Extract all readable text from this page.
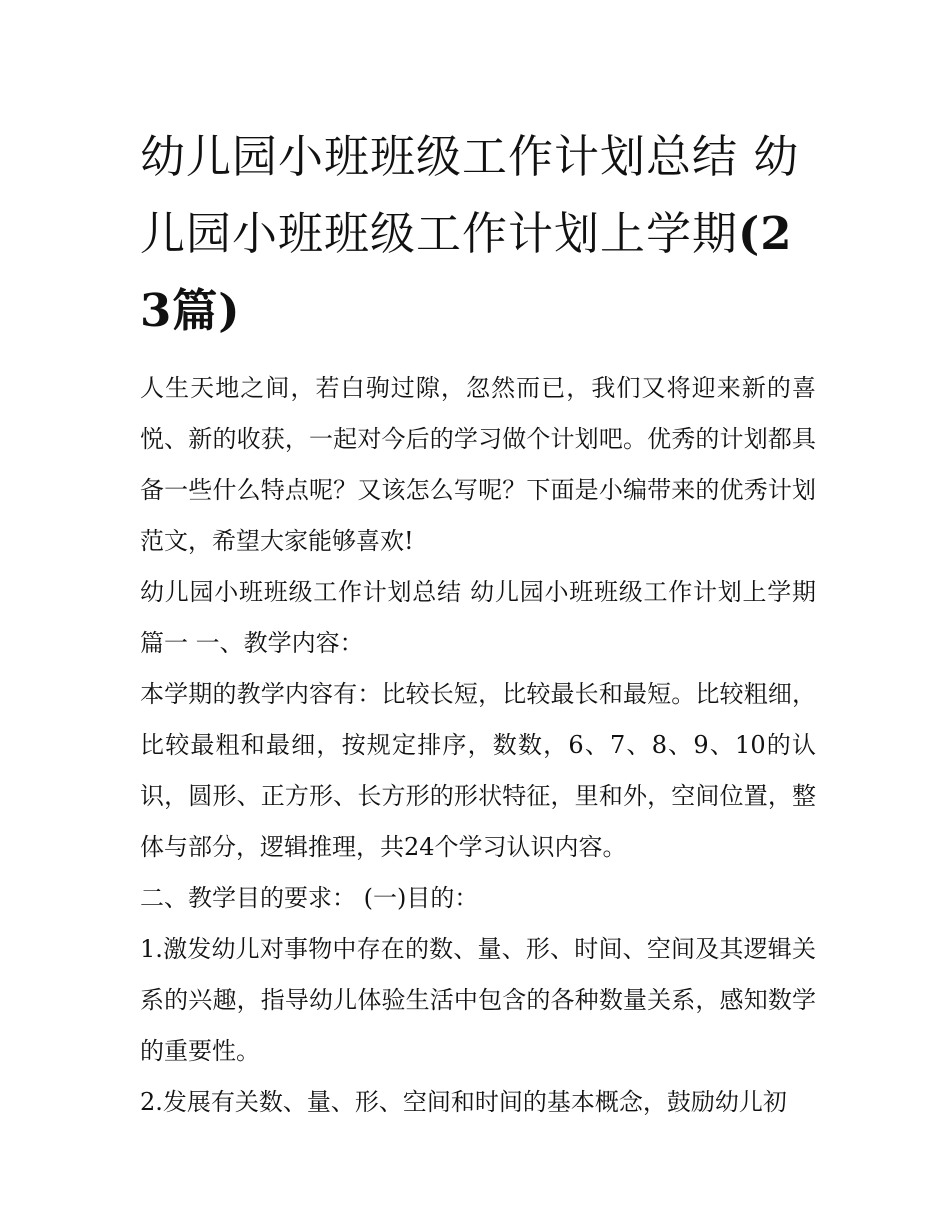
幼儿园小班班级工作计划总结 幼儿园小班班级工作计划上学期(23篇)

人生天地之间，若白驹过隙，忽然而已，我们又将迎来新的喜悦、新的收获，一起对今后的学习做个计划吧。优秀的计划都具备一些什么特点呢？又该怎么写呢？下面是小编带来的优秀计划范文，希望大家能够喜欢!

幼儿园小班班级工作计划总结 幼儿园小班班级工作计划上学期篇一 一、教学内容：

本学期的教学内容有：比较长短，比较最长和最短。比较粗细，比较最粗和最细，按规定排序，数数，6、7、8、9、10的认识，圆形、正方形、长方形的形状特征，里和外，空间位置，整体与部分，逻辑推理，共24个学习认识内容。

二、教学目的要求： (一)目的：

1.激发幼儿对事物中存在的数、量、形、时间、空间及其逻辑关系的兴趣，指导幼儿体验生活中包含的各种数量关系，感知数学的重要性。

2.发展有关数、量、形、空间和时间的基本概念，鼓励幼儿初
